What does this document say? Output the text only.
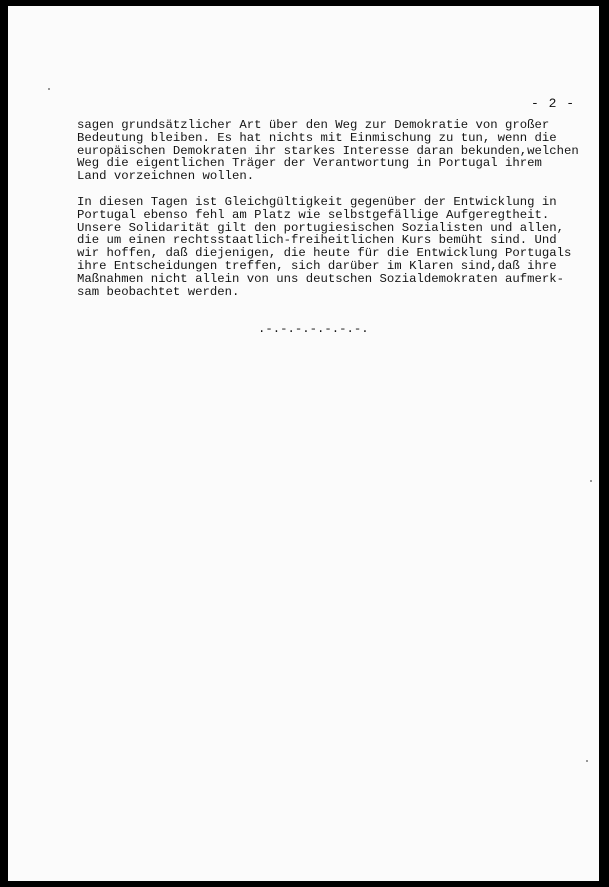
- 2 -
sagen grundsätzlicher Art über den Weg zur Demokratie von großer
Bedeutung bleiben. Es hat nichts mit Einmischung zu tun, wenn die
europäischen Demokraten ihr starkes Interesse daran bekunden,welchen
Weg die eigentlichen Träger der Verantwortung in Portugal ihrem
Land vorzeichnen wollen.
In diesen Tagen ist Gleichgültigkeit gegenüber der Entwicklung in
Portugal ebenso fehl am Platz wie selbstgefällige Aufgeregtheit.
Unsere Solidarität gilt den portugiesischen Sozialisten und allen,
die um einen rechtsstaatlich-freiheitlichen Kurs bemüht sind. Und
wir hoffen, daß diejenigen, die heute für die Entwicklung Portugals
ihre Entscheidungen treffen, sich darüber im Klaren sind,daß ihre
Maßnahmen nicht allein von uns deutschen Sozialdemokraten aufmerk-
sam beobachtet werden.
.-.-.-.-.-.-.-.
